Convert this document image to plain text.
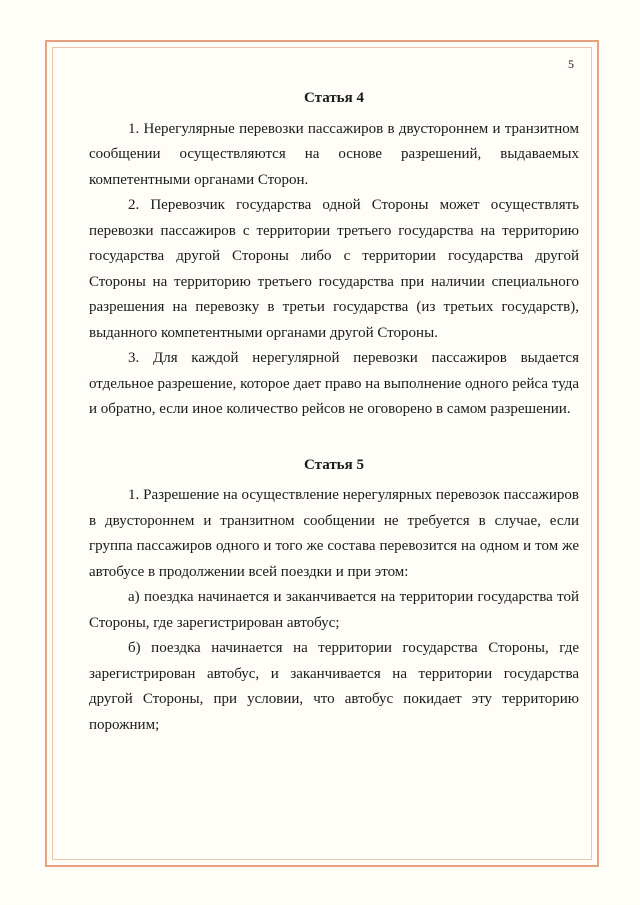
5
Статья 4

1. Нерегулярные перевозки пассажиров в двустороннем и транзитном сообщении осуществляются на основе разрешений, выдаваемых компетентными органами Сторон.

2. Перевозчик государства одной Стороны может осуществлять перевозки пассажиров с территории третьего государства на территорию государства другой Стороны либо с территории государства другой Стороны на территорию третьего государства при наличии специального разрешения на перевозку в третьи государства (из третьих государств), выданного компетентными органами другой Стороны.

3. Для каждой нерегулярной перевозки пассажиров выдается отдельное разрешение, которое дает право на выполнение одного рейса туда и обратно, если иное количество рейсов не оговорено в самом разрешении.

Статья 5

1. Разрешение на осуществление нерегулярных перевозок пассажиров в двустороннем и транзитном сообщении не требуется в случае, если группа пассажиров одного и того же состава перевозится на одном и том же автобусе в продолжении всей поездки и при этом:

а) поездка начинается и заканчивается на территории государства той Стороны, где зарегистрирован автобус;

б) поездка начинается на территории государства Стороны, где зарегистрирован автобус, и заканчивается на территории государства другой Стороны, при условии, что автобус покидает эту территорию порожним;
